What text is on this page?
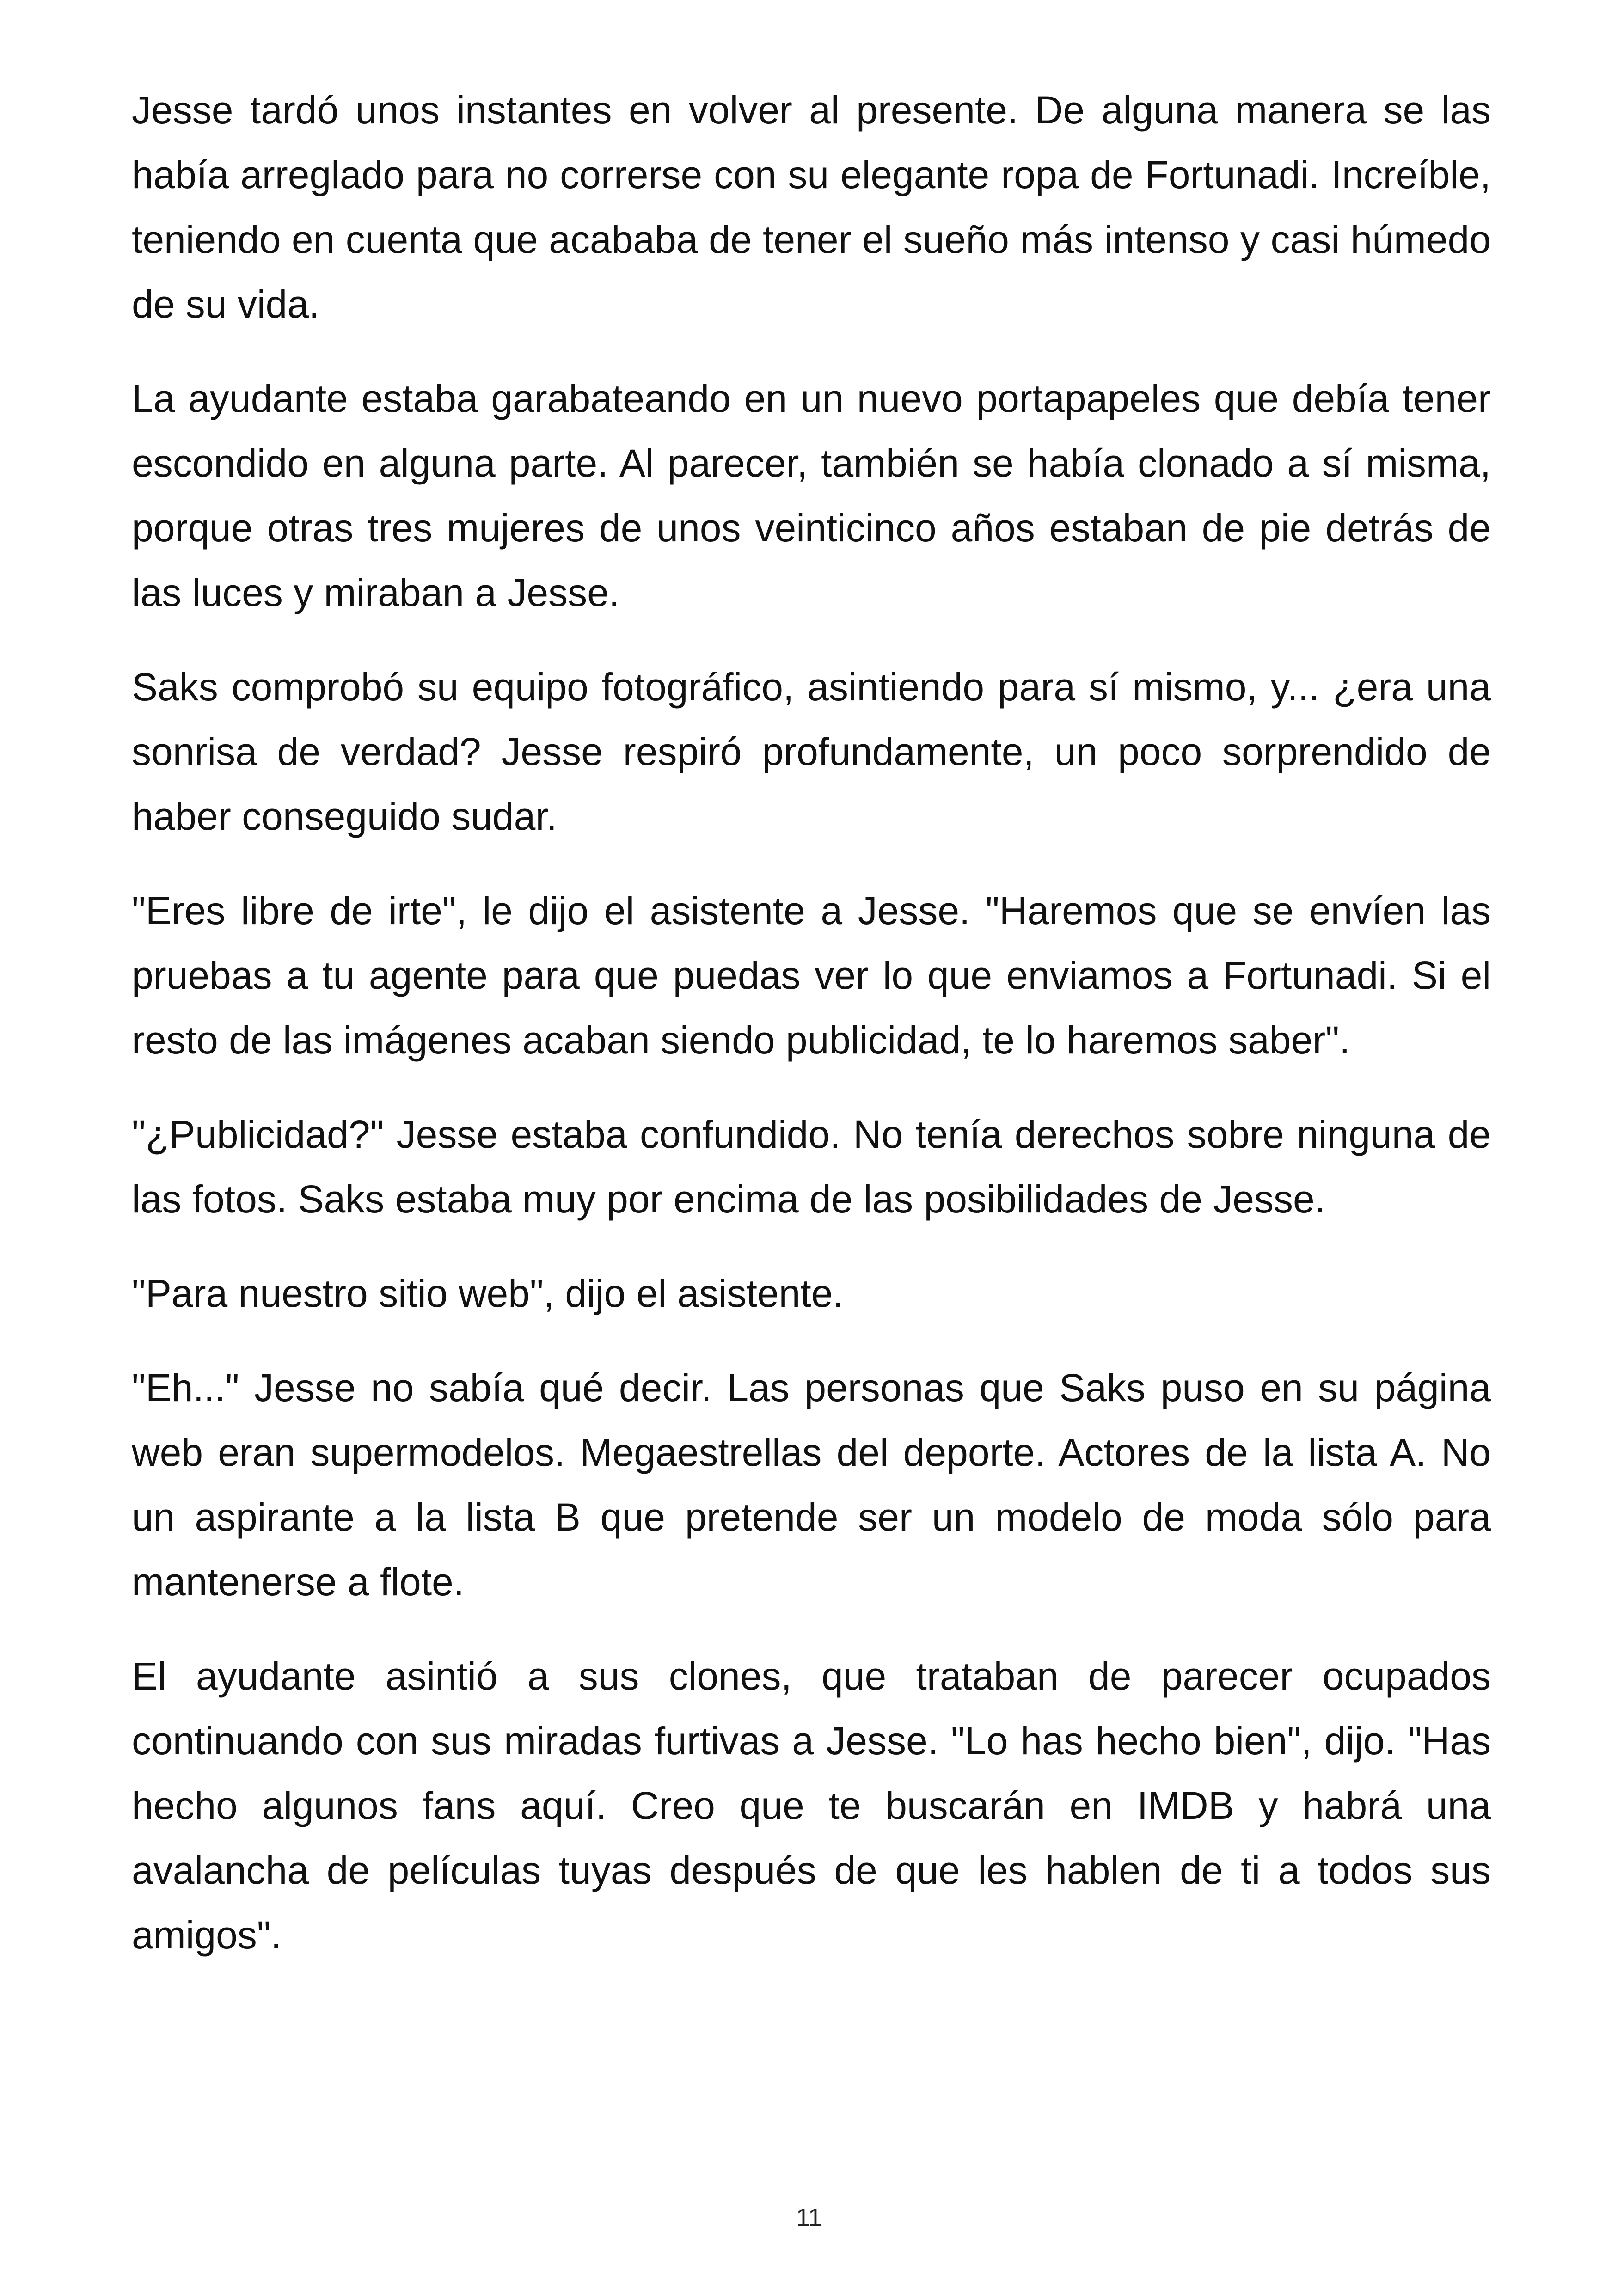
Jesse tardó unos instantes en volver al presente. De alguna manera se las había arreglado para no correrse con su elegante ropa de Fortunadi. Increíble, teniendo en cuenta que acababa de tener el sueño más intenso y casi húmedo de su vida.

La ayudante estaba garabateando en un nuevo portapapeles que debía tener escondido en alguna parte. Al parecer, también se había clonado a sí misma, porque otras tres mujeres de unos veinticinco años estaban de pie detrás de las luces y miraban a Jesse.

Saks comprobó su equipo fotográfico, asintiendo para sí mismo, y... ¿era una sonrisa de verdad? Jesse respiró profundamente, un poco sorprendido de haber conseguido sudar.

"Eres libre de irte", le dijo el asistente a Jesse. "Haremos que se envíen las pruebas a tu agente para que puedas ver lo que enviamos a Fortunadi. Si el resto de las imágenes acaban siendo publicidad, te lo haremos saber".

"¿Publicidad?" Jesse estaba confundido. No tenía derechos sobre ninguna de las fotos. Saks estaba muy por encima de las posibilidades de Jesse.

"Para nuestro sitio web", dijo el asistente.

"Eh..." Jesse no sabía qué decir. Las personas que Saks puso en su página web eran supermodelos. Megaestrellas del deporte. Actores de la lista A. No un aspirante a la lista B que pretende ser un modelo de moda sólo para mantenerse a flote.

El ayudante asintió a sus clones, que trataban de parecer ocupados continuando con sus miradas furtivas a Jesse. "Lo has hecho bien", dijo. "Has hecho algunos fans aquí. Creo que te buscarán en IMDB y habrá una avalancha de películas tuyas después de que les hablen de ti a todos sus amigos".

11
